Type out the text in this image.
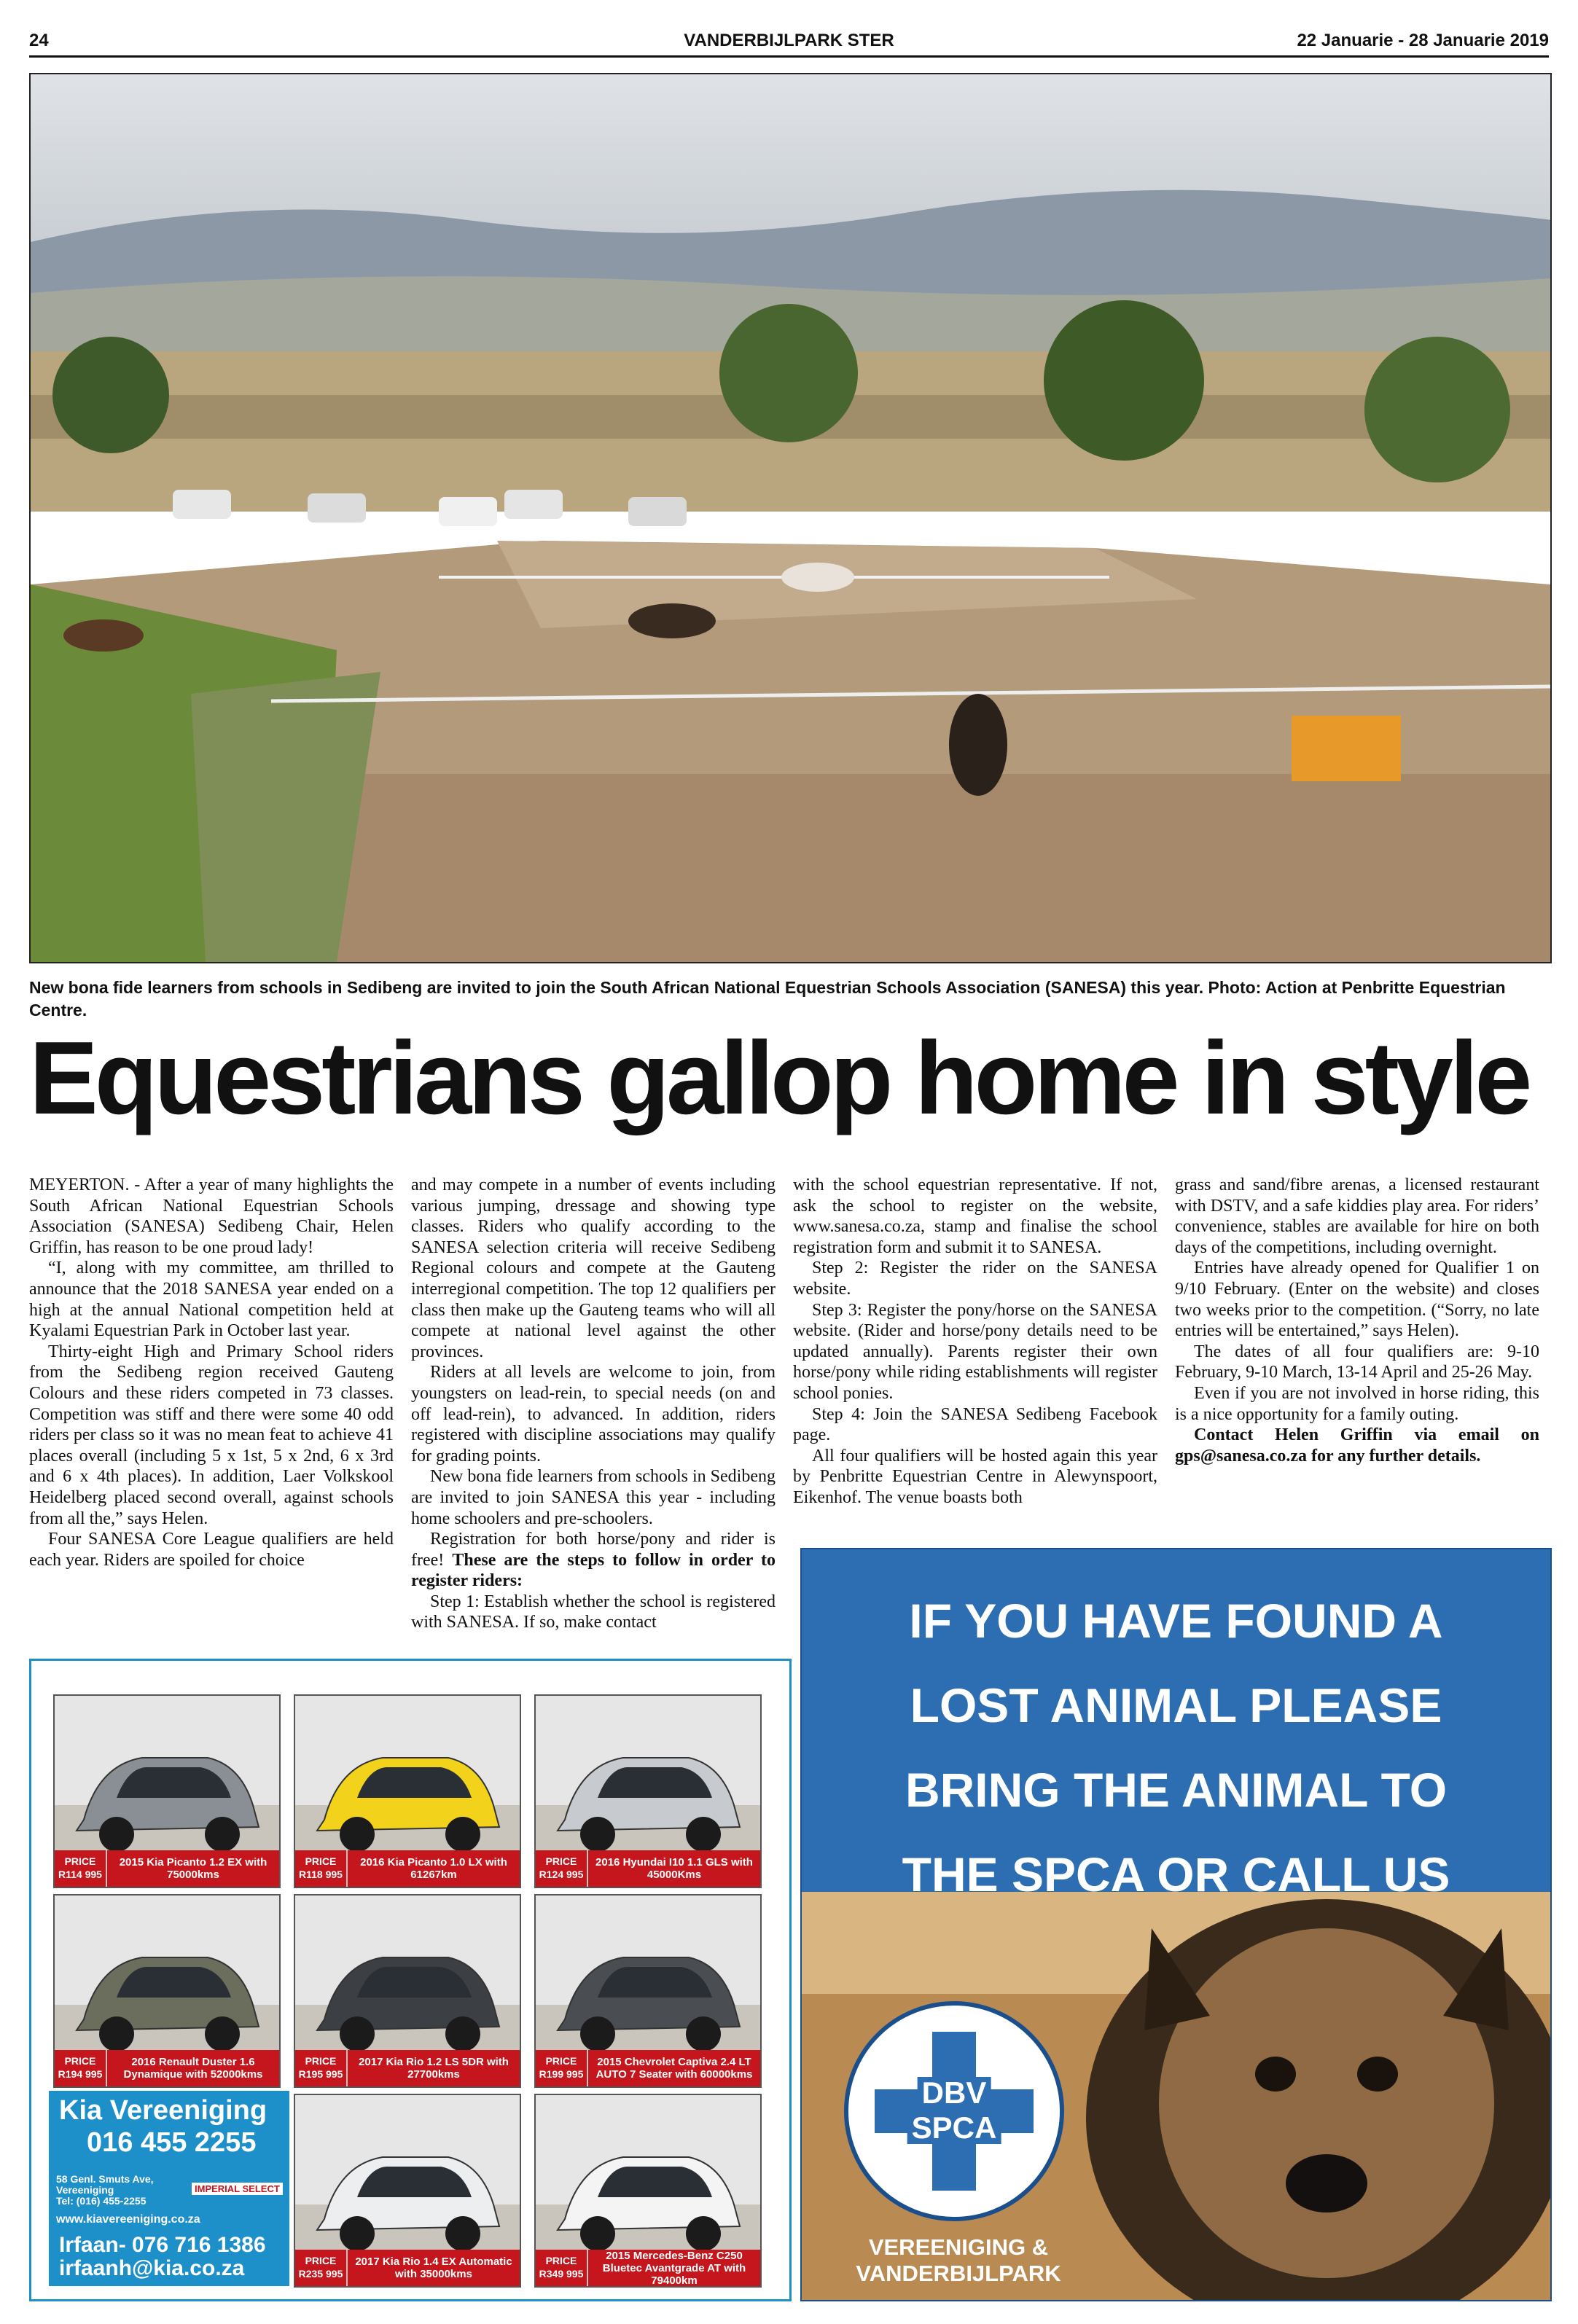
24	VANDERBIJLPARK STER	22 Januarie - 28 Januarie 2019
New bona fide learners from schools in Sedibeng are invited to join the South African National Equestrian Schools Association (SANESA) this year. Photo: Action at Penbritte Equestrian Centre.
Equestrians gallop home in style

MEYERTON. - After a year of many highlights the South African National Equestrian Schools Association (SANESA) Sedibeng Chair, Helen Griffin, has reason to be one proud lady!

“I, along with my committee, am thrilled to announce that the 2018 SANESA year ended on a high at the annual National competition held at Kyalami Equestrian Park in October last year.

Thirty-eight High and Primary School riders from the Sedibeng region received Gauteng Colours and these riders competed in 73 classes. Competition was stiff and there were some 40 odd riders per class so it was no mean feat to achieve 41 places overall (including 5 x 1st, 5 x 2nd, 6 x 3rd and 6 x 4th places). In addition, Laer Volkskool Heidelberg placed second overall, against schools from all the,” says Helen.

Four SANESA Core League qualifiers are held each year. Riders are spoiled for choice

and may compete in a number of events including various jumping, dressage and showing type classes. Riders who qualify according to the SANESA selection criteria will receive Sedibeng Regional colours and compete at the Gauteng interregional competition. The top 12 qualifiers per class then make up the Gauteng teams who will all compete at national level against the other provinces.

Riders at all levels are welcome to join, from youngsters on lead-rein, to special needs (on and off lead-rein), to advanced. In addition, riders registered with discipline associations may qualify for grading points.

New bona fide learners from schools in Sedibeng are invited to join SANESA this year - including home schoolers and pre-schoolers.

Registration for both horse/pony and rider is free! These are the steps to follow in order to register riders:

Step 1: Establish whether the school is registered with SANESA. If so, make contact

with the school equestrian representative. If not, ask the school to register on the website, www.sanesa.co.za, stamp and finalise the school registration form and submit it to SANESA.

Step 2: Register the rider on the SANESA website.

Step 3: Register the pony/horse on the SANESA website. (Rider and horse/pony details need to be updated annually). Parents register their own horse/pony while riding establishments will register school ponies.

Step 4: Join the SANESA Sedibeng Facebook page.

All four qualifiers will be hosted again this year by Penbritte Equestrian Centre in Alewynspoort, Eikenhof. The venue boasts both

grass and sand/fibre arenas, a licensed restaurant with DSTV, and a safe kiddies play area. For riders’ convenience, stables are available for hire on both days of the competitions, including overnight.

Entries have already opened for Qualifier 1 on 9/10 February. (Enter on the website) and closes two weeks prior to the competition. (“Sorry, no late entries will be entertained,” says Helen).

The dates of all four qualifiers are: 9-10 February, 9-10 March, 13-14 April and 25-26 May.

Even if you are not involved in horse riding, this is a nice opportunity for a family outing.

Contact Helen Griffin via email on gps@sanesa.co.za for any further details.

PRICE
R114 995
2015 Kia Picanto 1.2 EX with 75000kms
PRICE
R118 995
2016 Kia Picanto 1.0 LX with 61267km
PRICE
R124 995
2016 Hyundai I10 1.1 GLS with 45000Kms
PRICE
R194 995
2016 Renault Duster 1.6 Dynamique with 52000kms
PRICE
R195 995
2017 Kia Rio 1.2 LS 5DR with 27700kms
PRICE
R199 995
2015 Chevrolet Captiva 2.4 LT AUTO 7 Seater with 60000kms
PRICE
R235 995
2017 Kia Rio 1.4 EX Automatic with 35000kms
PRICE
R349 995
2015 Mercedes-Benz C250 Bluetec Avantgrade AT with 79400km
Kia Vereeniging
016 455 2255
58 Genl. Smuts Ave,
Vereeniging
Tel: (016) 455-2255
IMPERIAL SELECT
www.kiavereeniging.co.za
Irfaan- 076 716 1386
irfaanh@kia.co.za
IF YOU HAVE FOUND A
LOST ANIMAL PLEASE
BRING THE ANIMAL TO
THE SPCA OR CALL US
DBV
SPCA
VEREENIGING &
VANDERBIJLPARK
